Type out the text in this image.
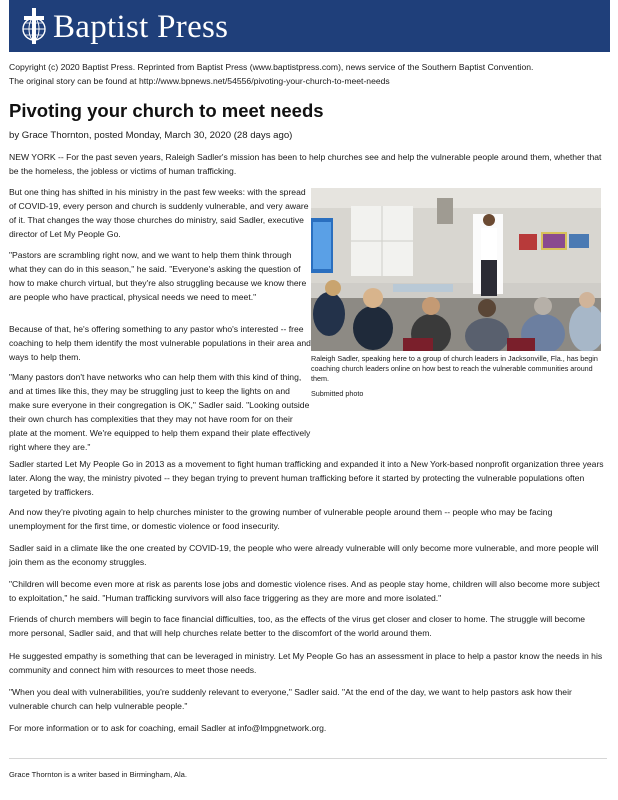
Baptist Press
Copyright (c) 2020 Baptist Press. Reprinted from Baptist Press (www.baptistpress.com), news service of the Southern Baptist Convention.
The original story can be found at http://www.bpnews.net/54556/pivoting-your-church-to-meet-needs
Pivoting your church to meet needs
by Grace Thornton, posted Monday, March 30, 2020 (28 days ago)

NEW YORK -- For the past seven years, Raleigh Sadler's mission has been to help churches see and help the vulnerable people around them, whether that be the homeless, the jobless or victims of human trafficking.

But one thing has shifted in his ministry in the past few weeks: with the spread of COVID-19, every person and church is suddenly vulnerable, and very aware of it. That changes the way those churches do ministry, said Sadler, executive director of Let My People Go.

"Pastors are scrambling right now, and we want to help them think through what they can do in this season," he said. "Everyone's asking the question of how to make church virtual, but they're also struggling because we know there are people who have practical, physical needs we need to meet."

Because of that, he's offering something to any pastor who's interested -- free coaching to help them identify the most vulnerable populations in their area and ways to help them.

"Many pastors don't have networks who can help them with this kind of thing, and at times like this, they may be struggling just to keep the lights on and make sure everyone in their congregation is OK," Sadler said. "Looking outside their own church has complexities that they may not have room for on their plate at the moment. We're equipped to help them expand their plate effectively right where they are."

Raleigh Sadler, speaking here to a group of church leaders in Jacksonville, Fla., has begin coaching church leaders online on how best to reach the vulnerable communities around them.
Submitted photo

Sadler started Let My People Go in 2013 as a movement to fight human trafficking and expanded it into a New York-based nonprofit organization three years later. Along the way, the ministry pivoted -- they began trying to prevent human trafficking before it started by protecting the vulnerable populations often targeted by traffickers.

And now they're pivoting again to help churches minister to the growing number of vulnerable people around them -- people who may be facing unemployment for the first time, or domestic violence or food insecurity.

Sadler said in a climate like the one created by COVID-19, the people who were already vulnerable will only become more vulnerable, and more people will join them as the economy struggles.

"Children will become even more at risk as parents lose jobs and domestic violence rises. And as people stay home, children will also become more subject to exploitation," he said. "Human trafficking survivors will also face triggering as they are more and more isolated."

Friends of church members will begin to face financial difficulties, too, as the effects of the virus get closer and closer to home. The struggle will become more personal, Sadler said, and that will help churches relate better to the discomfort of the world around them.

He suggested empathy is something that can be leveraged in ministry. Let My People Go has an assessment in place to help a pastor know the needs in his community and connect him with resources to meet those needs.

"When you deal with vulnerabilities, you're suddenly relevant to everyone," Sadler said. "At the end of the day, we want to help pastors ask how their vulnerable church can help vulnerable people."

For more information or to ask for coaching, email Sadler at info@lmpgnetwork.org.

Grace Thornton is a writer based in Birmingham, Ala.
